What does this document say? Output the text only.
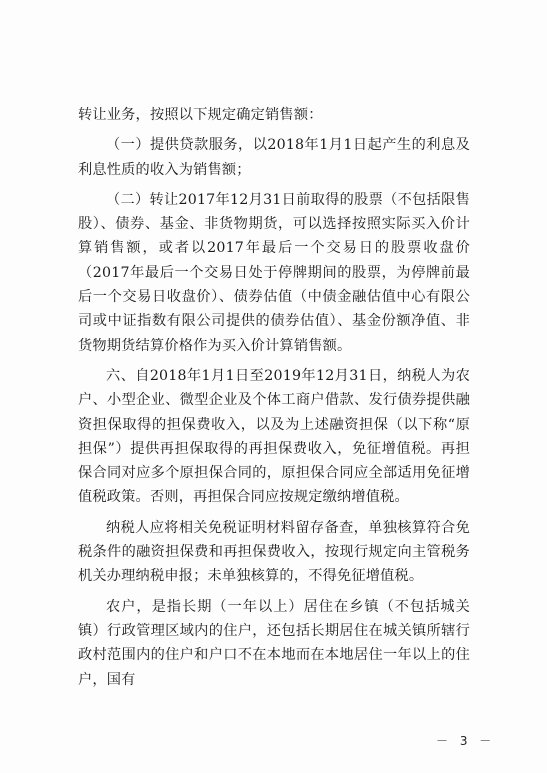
转让业务，按照以下规定确定销售额：

（一）提供贷款服务，以2018年1月1日起产生的利息及利息性质的收入为销售额；

（二）转让2017年12月31日前取得的股票（不包括限售股）、债券、基金、非货物期货，可以选择按照实际买入价计算销售额，或者以2017年最后一个交易日的股票收盘价（2017年最后一个交易日处于停牌期间的股票，为停牌前最后一个交易日收盘价）、债券估值（中债金融估值中心有限公司或中证指数有限公司提供的债券估值）、基金份额净值、非货物期货结算价格作为买入价计算销售额。

六、自2018年1月1日至2019年12月31日，纳税人为农户、小型企业、微型企业及个体工商户借款、发行债券提供融资担保取得的担保费收入，以及为上述融资担保（以下称“原担保”）提供再担保取得的再担保费收入，免征增值税。再担保合同对应多个原担保合同的，原担保合同应全部适用免征增值税政策。否则，再担保合同应按规定缴纳增值税。

纳税人应将相关免税证明材料留存备查，单独核算符合免税条件的融资担保费和再担保费收入，按现行规定向主管税务机关办理纳税申报；未单独核算的，不得免征增值税。

农户，是指长期（一年以上）居住在乡镇（不包括城关镇）行政管理区域内的住户，还包括长期居住在城关镇所辖行政村范围内的住户和户口不在本地而在本地居住一年以上的住户，国有

－ 3 －
